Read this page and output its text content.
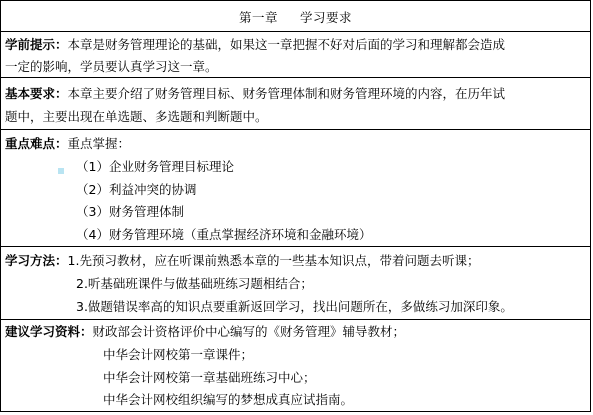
第一章 学习要求
学前提示：本章是财务管理理论的基础，如果这一章把握不好对后面的学习和理解都会造成
一定的影响，学员要认真学习这一章。
基本要求：本章主要介绍了财务管理目标、财务管理体制和财务管理环境的内容，在历年试
题中，主要出现在单选题、多选题和判断题中。
重点难点：重点掌握：
（1）企业财务管理目标理论
（2）利益冲突的协调
（3）财务管理体制
（4）财务管理环境（重点掌握经济环境和金融环境）
学习方法：1.先预习教材，应在听课前熟悉本章的一些基本知识点，带着问题去听课；
2.听基础班课件与做基础班练习题相结合；
3.做题错误率高的知识点要重新返回学习，找出问题所在，多做练习加深印象。
建议学习资料：财政部会计资格评价中心编写的《财务管理》辅导教材；
中华会计网校第一章课件；
中华会计网校第一章基础班练习中心；
中华会计网校组织编写的梦想成真应试指南。
